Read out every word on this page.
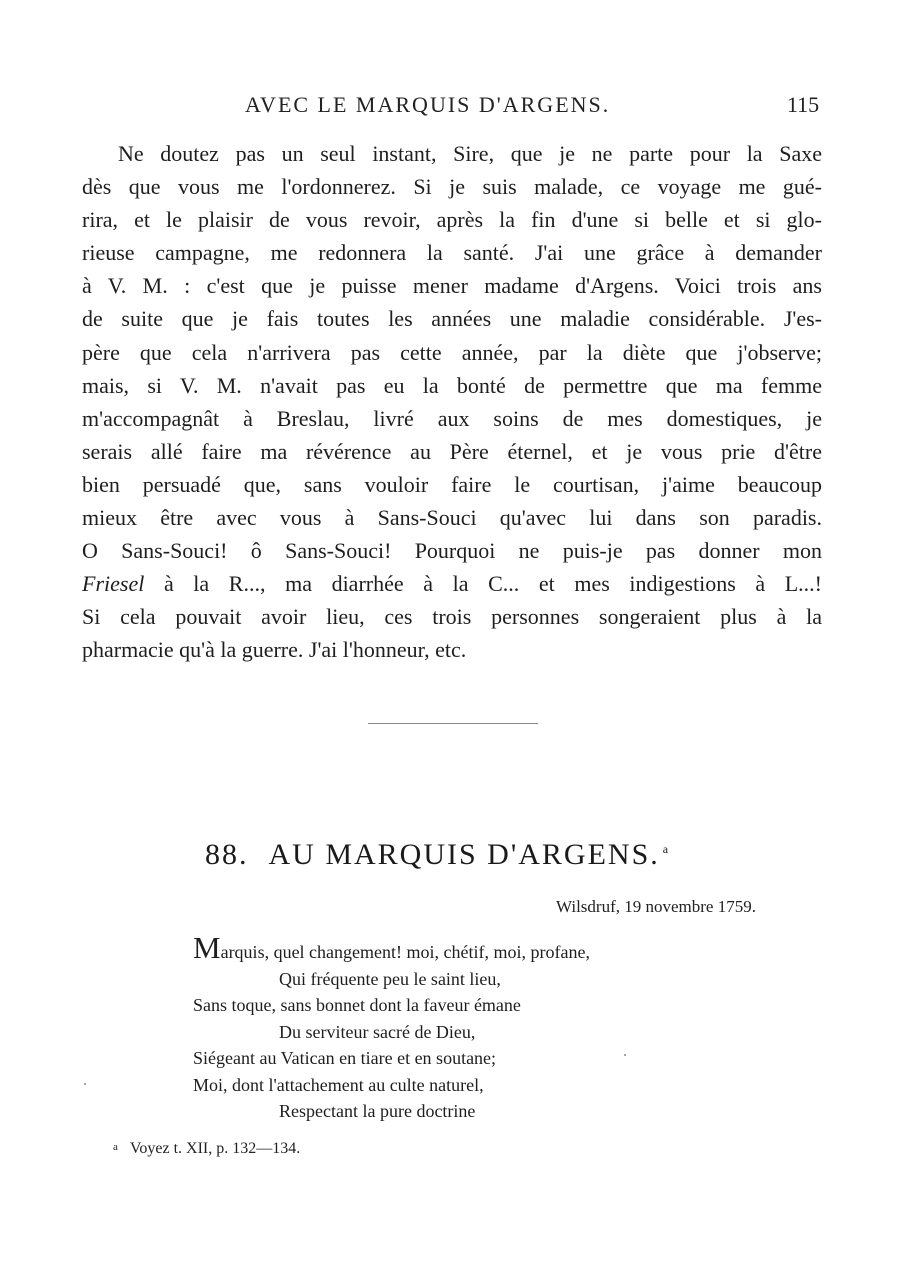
AVEC LE MARQUIS D'ARGENS.	115
Ne doutez pas un seul instant, Sire, que je ne parte pour la Saxe
dès que vous me l'ordonnerez. Si je suis malade, ce voyage me gué-
rira, et le plaisir de vous revoir, après la fin d'une si belle et si glo-
rieuse campagne, me redonnera la santé. J'ai une grâce à demander
à V. M. : c'est que je puisse mener madame d'Argens. Voici trois ans
de suite que je fais toutes les années une maladie considérable. J'es-
père que cela n'arrivera pas cette année, par la diète que j'observe;
mais, si V. M. n'avait pas eu la bonté de permettre que ma femme
m'accompagnât à Breslau, livré aux soins de mes domestiques, je
serais allé faire ma révérence au Père éternel, et je vous prie d'être
bien persuadé que, sans vouloir faire le courtisan, j'aime beaucoup
mieux être avec vous à Sans-Souci qu'avec lui dans son paradis.
O Sans-Souci! ô Sans-Souci! Pourquoi ne puis-je pas donner mon
Friesel à la R..., ma diarrhée à la C... et mes indigestions à L...!
Si cela pouvait avoir lieu, ces trois personnes songeraient plus à la
pharmacie qu'à la guerre. J'ai l'honneur, etc.
88. AU MARQUIS D'ARGENS. $^a$
Wilsdruf, 19 novembre 1759.
Marquis, quel changement! moi, chétif, moi, profane,
Qui fréquente peu le saint lieu,
Sans toque, sans bonnet dont la faveur émane
Du serviteur sacré de Dieu,
Siégeant au Vatican en tiare et en soutane;
Moi, dont l'attachement au culte naturel,
Respectant la pure doctrine
$^a$ Voyez t. XII, p. 132—134.
